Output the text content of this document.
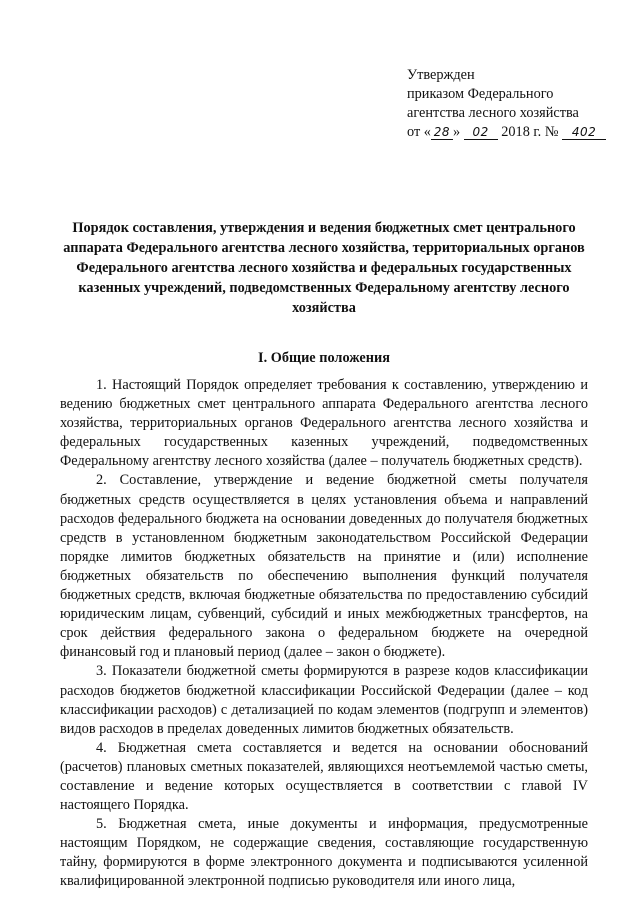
Утвержден
приказом Федерального
агентства лесного хозяйства
от « 28 » 02 2018 г. № 402
Порядок составления, утверждения и ведения бюджетных смет центрального аппарата Федерального агентства лесного хозяйства, территориальных органов Федерального агентства лесного хозяйства и федеральных государственных казенных учреждений, подведомственных Федеральному агентству лесного хозяйства
I. Общие положения

1. Настоящий Порядок определяет требования к составлению, утверждению и ведению бюджетных смет центрального аппарата Федерального агентства лесного хозяйства, территориальных органов Федерального агентства лесного хозяйства и федеральных государственных казенных учреждений, подведомственных Федеральному агентству лесного хозяйства (далее – получатель бюджетных средств).

2. Составление, утверждение и ведение бюджетной сметы получателя бюджетных средств осуществляется в целях установления объема и направлений расходов федерального бюджета на основании доведенных до получателя бюджетных средств в установленном бюджетным законодательством Российской Федерации порядке лимитов бюджетных обязательств на принятие и (или) исполнение бюджетных обязательств по обеспечению выполнения функций получателя бюджетных средств, включая бюджетные обязательства по предоставлению субсидий юридическим лицам, субвенций, субсидий и иных межбюджетных трансфертов, на срок действия федерального закона о федеральном бюджете на очередной финансовый год и плановый период (далее – закон о бюджете).

3. Показатели бюджетной сметы формируются в разрезе кодов классификации расходов бюджетов бюджетной классификации Российской Федерации (далее – код классификации расходов) с детализацией по кодам элементов (подгрупп и элементов) видов расходов в пределах доведенных лимитов бюджетных обязательств.

4. Бюджетная смета составляется и ведется на основании обоснований (расчетов) плановых сметных показателей, являющихся неотъемлемой частью сметы, составление и ведение которых осуществляется в соответствии с главой IV настоящего Порядка.

5. Бюджетная смета, иные документы и информация, предусмотренные настоящим Порядком, не содержащие сведения, составляющие государственную тайну, формируются в форме электронного документа и подписываются усиленной квалифицированной электронной подписью руководителя или иного лица,
